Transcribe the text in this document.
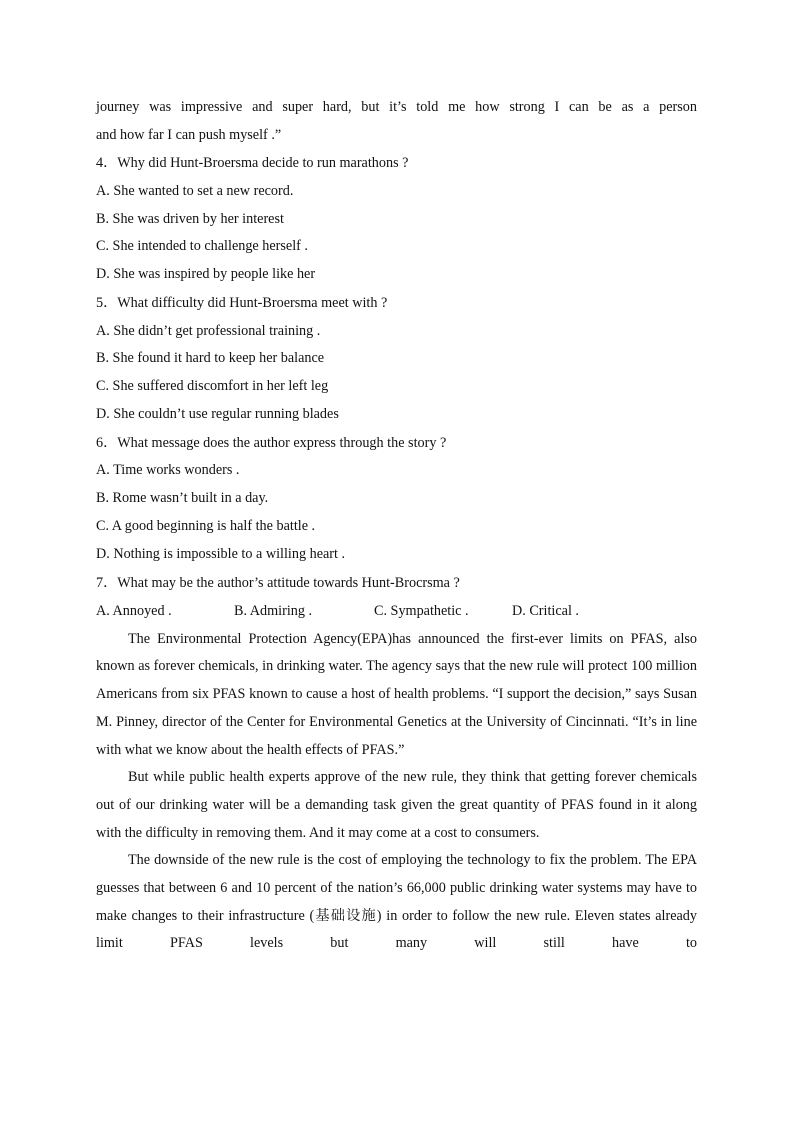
journey was impressive and super hard, but it’s told me how strong I can be as a person

and how far I can push myself .”

4．Why did Hunt-Broersma decide to run marathons ?

A. She wanted to set a new record.

B. She was driven by her interest

C. She intended to challenge herself .

D. She was inspired by people like her

5．What difficulty did Hunt-Broersma meet with ?

A. She didn’t get professional training .

B. She found it hard to keep her balance

C. She suffered discomfort in her left leg

D. She couldn’t use regular running blades

6．What message does the author express through the story ?

A. Time works wonders .

B. Rome wasn’t built in a day.

C. A good beginning is half the battle .

D. Nothing is impossible to a willing heart .

7．What may be the author’s attitude towards Hunt-Brocrsma ?

A. Annoyed .	B. Admiring .	C. Sympathetic .	D. Critical .

The Environmental Protection Agency(EPA)has announced the first-ever limits on PFAS, also known as forever chemicals, in drinking water. The agency says that the new rule will protect 100 million Americans from six PFAS known to cause a host of health problems. “I support the decision,” says Susan M. Pinney, director of the Center for Environmental Genetics at the University of Cincinnati. “It’s in line with what we know about the health effects of PFAS.”

But while public health experts approve of the new rule, they think that getting forever chemicals out of our drinking water will be a demanding task given the great quantity of PFAS found in it along with the difficulty in removing them. And it may come at a cost to consumers.

The downside of the new rule is the cost of employing the technology to fix the problem. The EPA guesses that between 6 and 10 percent of the nation’s 66,000 public drinking water systems may have to make changes to their infrastructure (基础设施) in order to follow the new rule. Eleven states already limit PFAS levels but many will still have to
